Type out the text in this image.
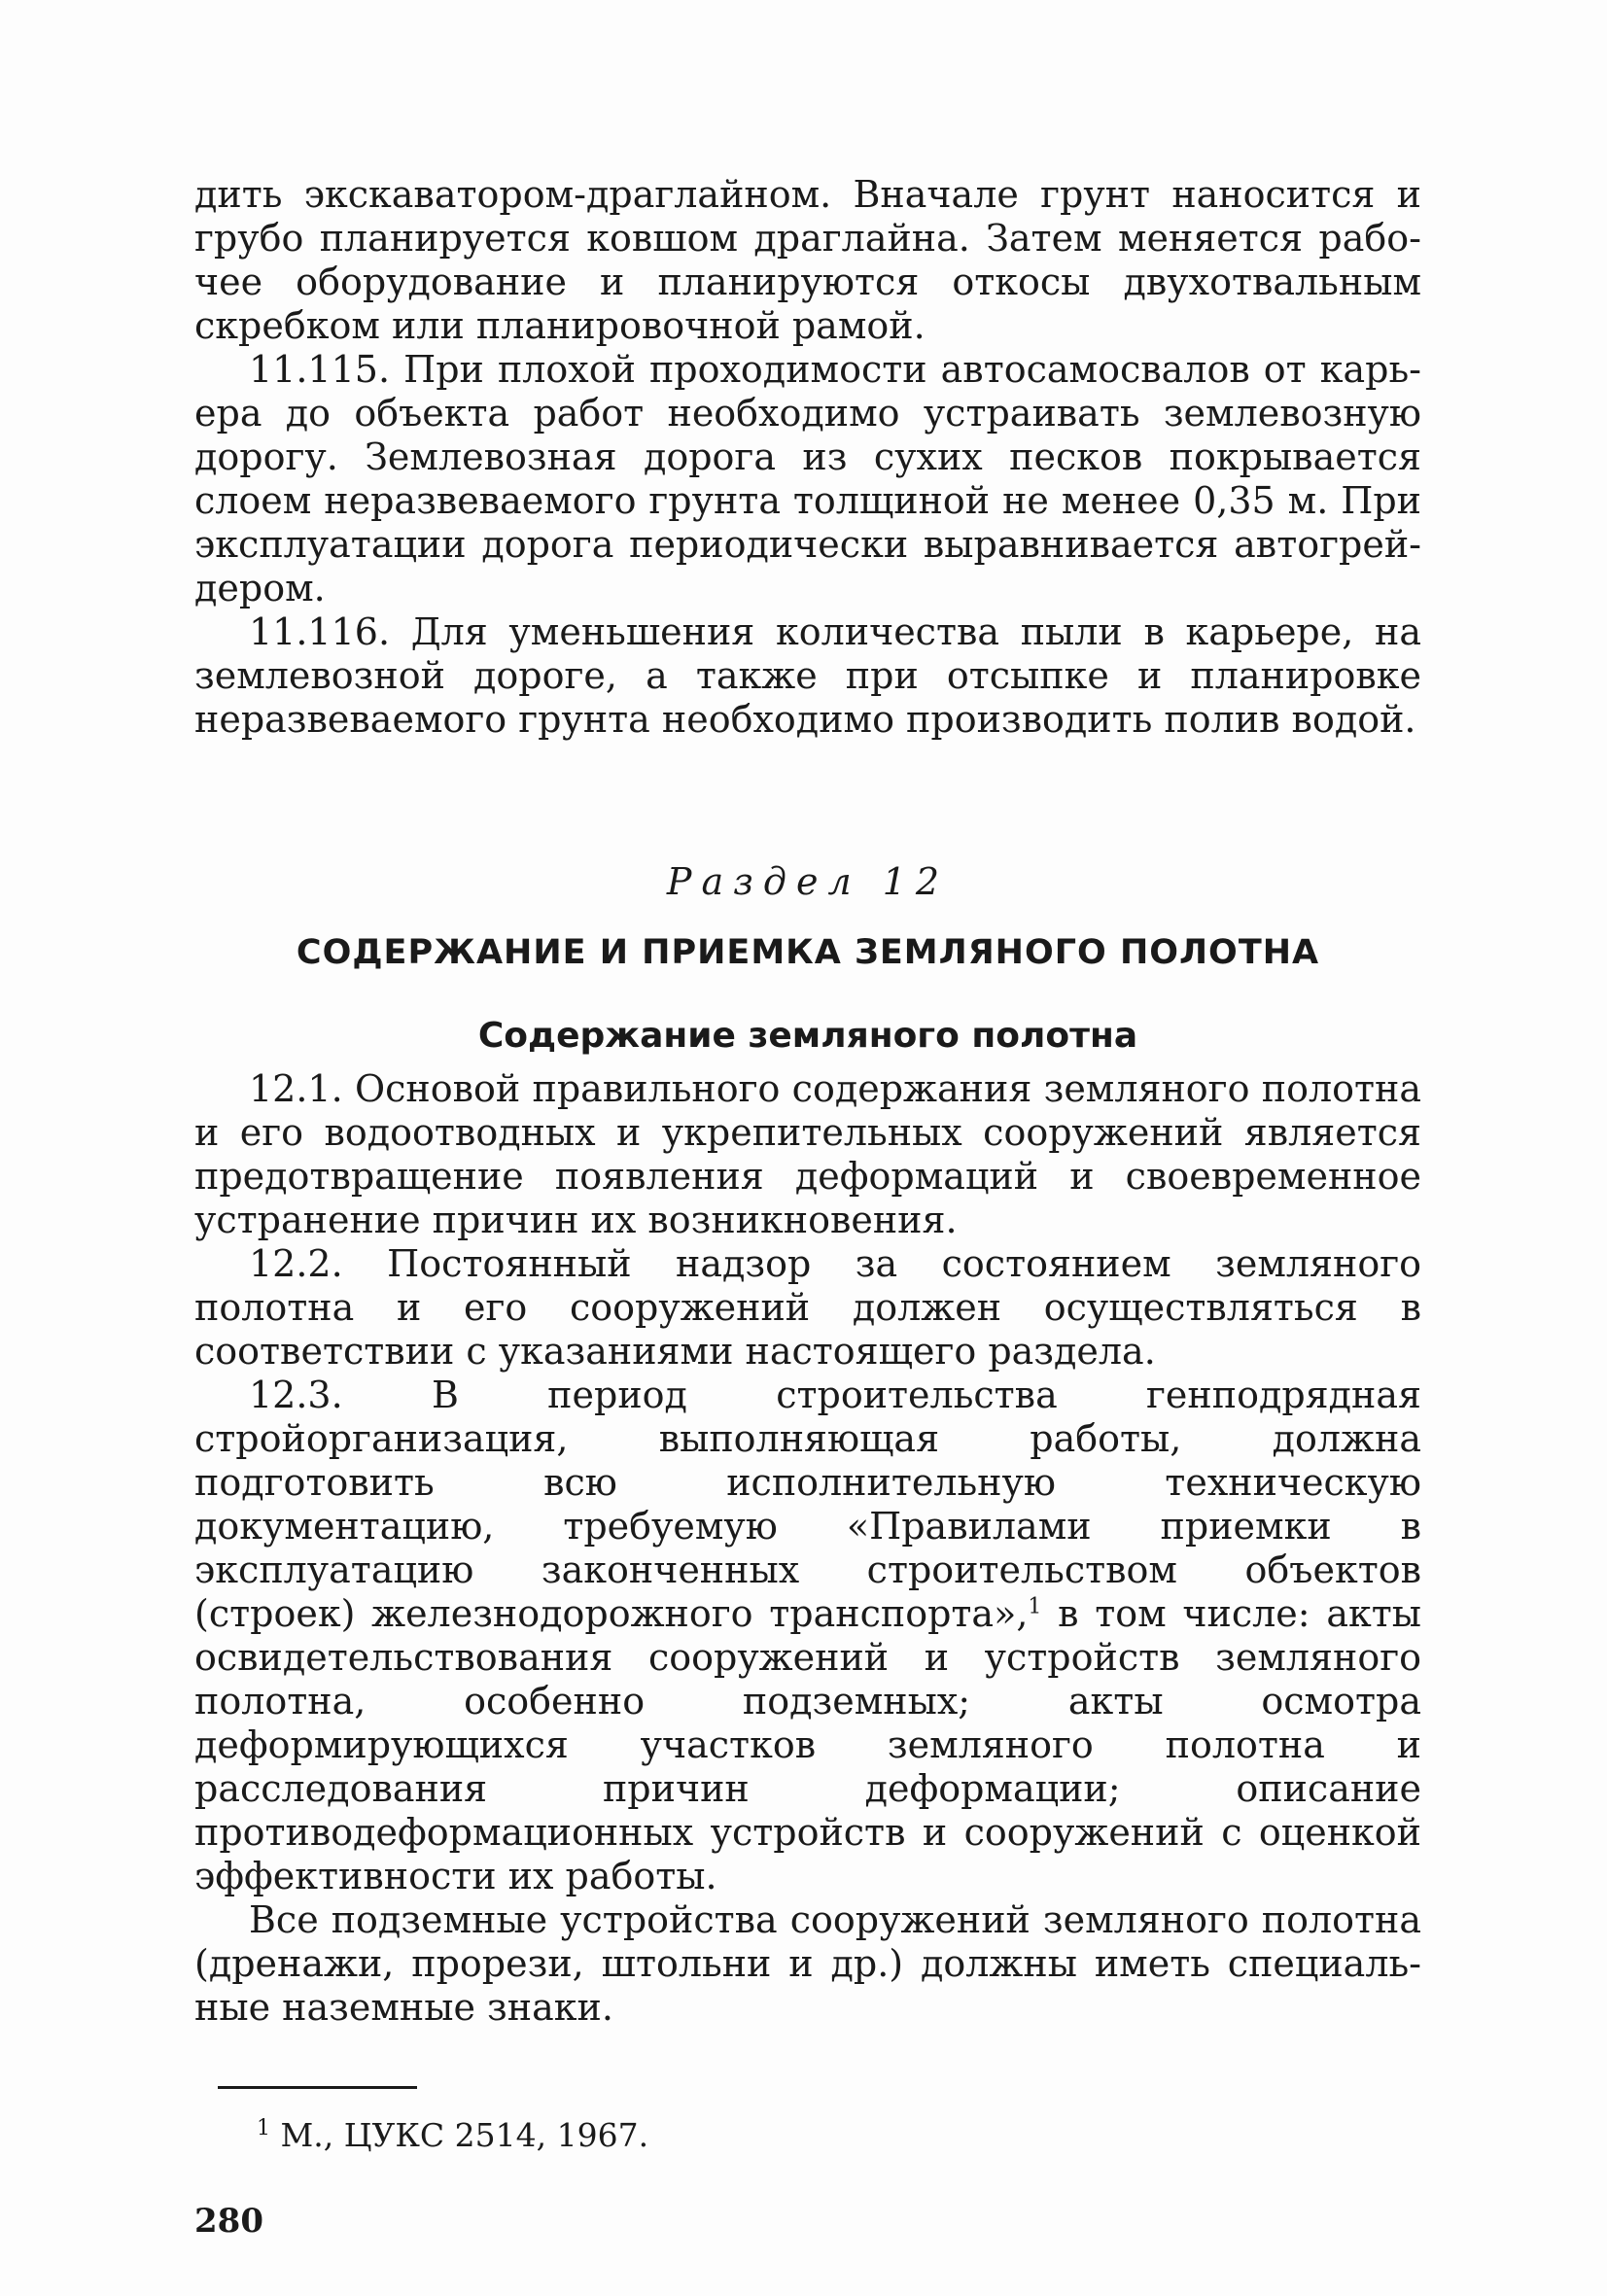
дить экскаватором-драглайном. Вначале грунт наносится и грубо планируется ковшом драглайна. Затем меняется рабочее оборудование и планируются откосы двухотвальным скребком или планировочной рамой.

11.115. При плохой проходимости автосамосвалов от карьера до объекта работ необходимо устраивать землевозную дорогу. Землевозная дорога из сухих песков покрывается слоем неразвеваемого грунта толщиной не менее 0,35 м. При эксплуатации дорога периодически выравнивается автогрейдером.

11.116. Для уменьшения количества пыли в карьере, на землевозной дороге, а также при отсыпке и планировке неразвеваемого грунта необходимо производить полив водой.

Раздел 12
СОДЕРЖАНИЕ И ПРИЕМКА ЗЕМЛЯНОГО ПОЛОТНА
Содержание земляного полотна

12.1. Основой правильного содержания земляного полотна и его водоотводных и укрепительных сооружений является предотвращение появления деформаций и своевременное устранение причин их возникновения.

12.2. Постоянный надзор за состоянием земляного полотна и его сооружений должен осуществляться в соответствии с указаниями настоящего раздела.

12.3. В период строительства генподрядная стройорганизация, выполняющая работы, должна подготовить всю исполнительную техническую документацию, требуемую «Правилами приемки в эксплуатацию законченных строительством объектов (строек) железнодорожного транспорта»,$^1$ в том числе: акты освидетельствования сооружений и устройств земляного полотна, особенно подземных; акты осмотра деформирующихся участков земляного полотна и расследования причин деформации; описание противодеформационных устройств и сооружений с оценкой эффективности их работы.

Все подземные устройства сооружений земляного полотна (дренажи, прорези, штольни и др.) должны иметь специальные наземные знаки.

$^1$ М., ЦУКС 2514, 1967.
280
